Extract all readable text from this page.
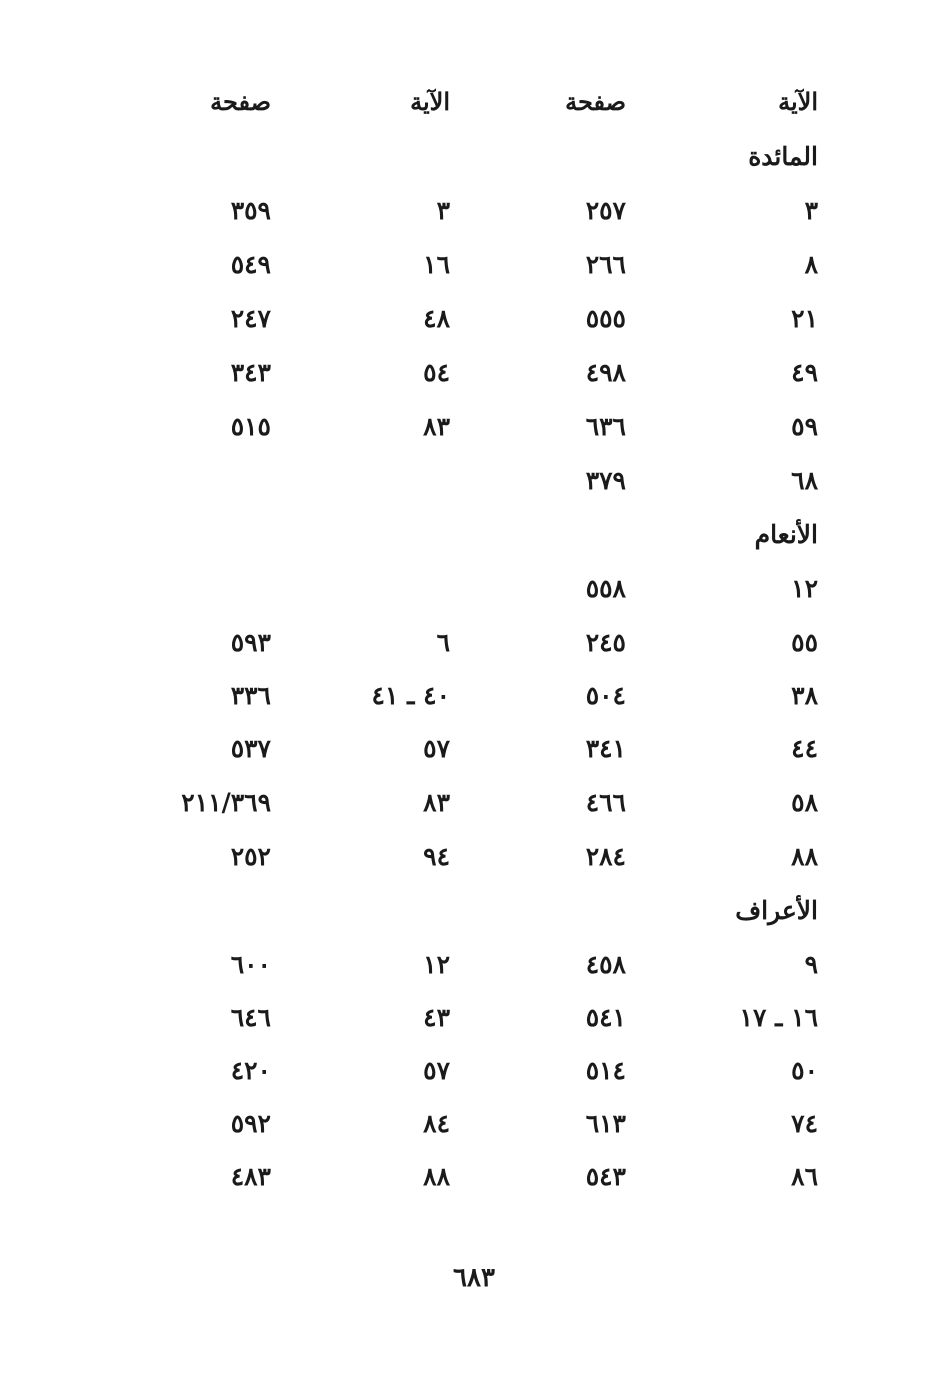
الآية
صفحة
الآية
صفحة
المائدة
٣
٢٥٧
٣
٣٥٩
٨
٢٦٦
١٦
٥٤٩
٢١
٥٥٥
٤٨
٢٤٧
٤٩
٤٩٨
٥٤
٣٤٣
٥٩
٦٣٦
٨٣
٥١٥
٦٨
٣٧٩
الأنعام
١٢
٥٥٨
٥٥
٢٤٥
٦
٥٩٣
٣٨
٥٠٤
٤٠ ـ ٤١
٣٣٦
٤٤
٣٤١
٥٧
٥٣٧
٥٨
٤٦٦
٨٣
٢١١/٣٦٩
٨٨
٢٨٤
٩٤
٢٥٢
الأعراف
٩
٤٥٨
١٢
٦٠٠
١٦ ـ ١٧
٥٤١
٤٣
٦٤٦
٥٠
٥١٤
٥٧
٤٢٠
٧٤
٦١٣
٨٤
٥٩٢
٨٦
٥٤٣
٨٨
٤٨٣
٦٨٣
